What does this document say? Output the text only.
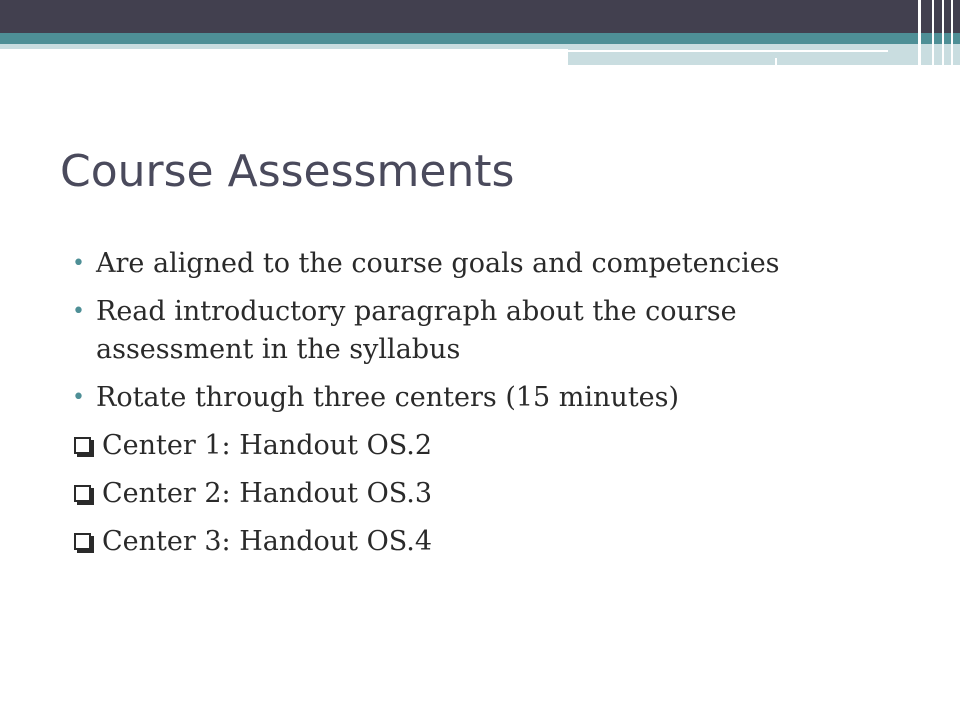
Course Assessments
• Are aligned to the course goals and competencies
• Read introductory paragraph about the course assessment in the syllabus
• Rotate through three centers (15 minutes)
Center 1: Handout OS.2
Center 2: Handout OS.3
Center 3: Handout OS.4
